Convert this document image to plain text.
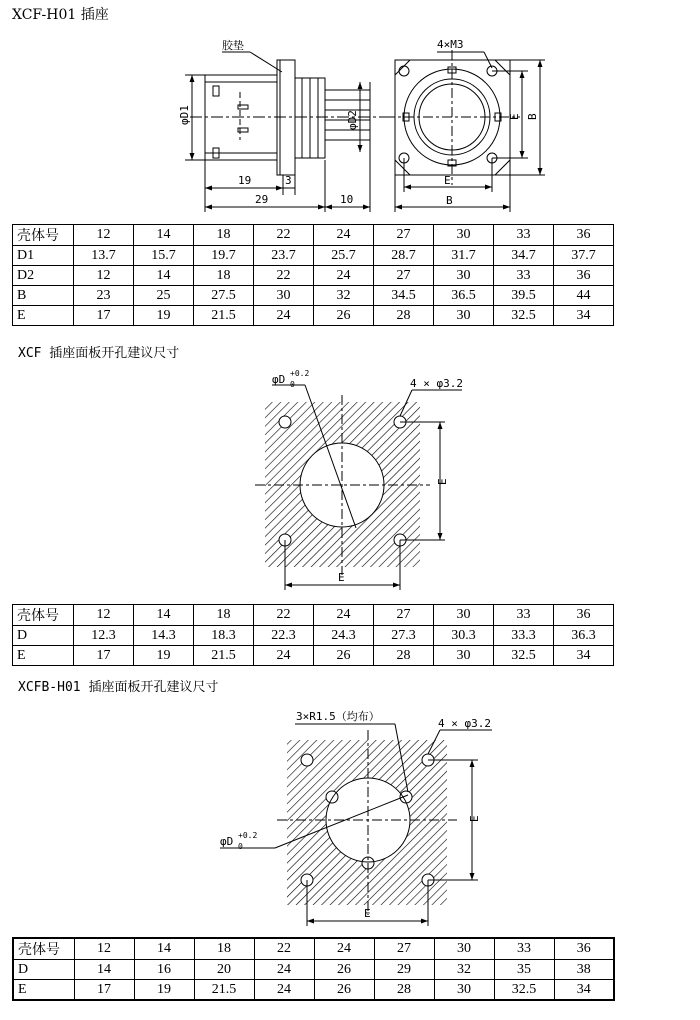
XCF-H01 插座
胶垫
φD1	φD2
19	3
29	10
4×M3
E B
E
B
壳体号	12	14	18	22	24	27	30	33	36
D1	13.7	15.7	19.7	23.7	25.7	28.7	31.7	34.7	37.7
D2	12	14	18	22	24	27	30	33	36
B	23	25	27.5	30	32	34.5	36.5	39.5	44
E	17	19	21.5	24	26	28	30	32.5	34
XCF 插座面板开孔建议尺寸
φD +0.2
0	4 × φ3.2
E
E
壳体号	12	14	18	22	24	27	30	33	36
D	12.3	14.3	18.3	22.3	24.3	27.3	30.3	33.3	36.3
E	17	19	21.5	24	26	28	30	32.5	34
XCFB-H01 插座面板开孔建议尺寸
3×R1.5（均布）
4 × φ3.2
φD +0.2
0
E
E
壳体号	12	14	18	22	24	27	30	33	36
D	14	16	20	24	26	29	32	35	38
E	17	19	21.5	24	26	28	30	32.5	34
